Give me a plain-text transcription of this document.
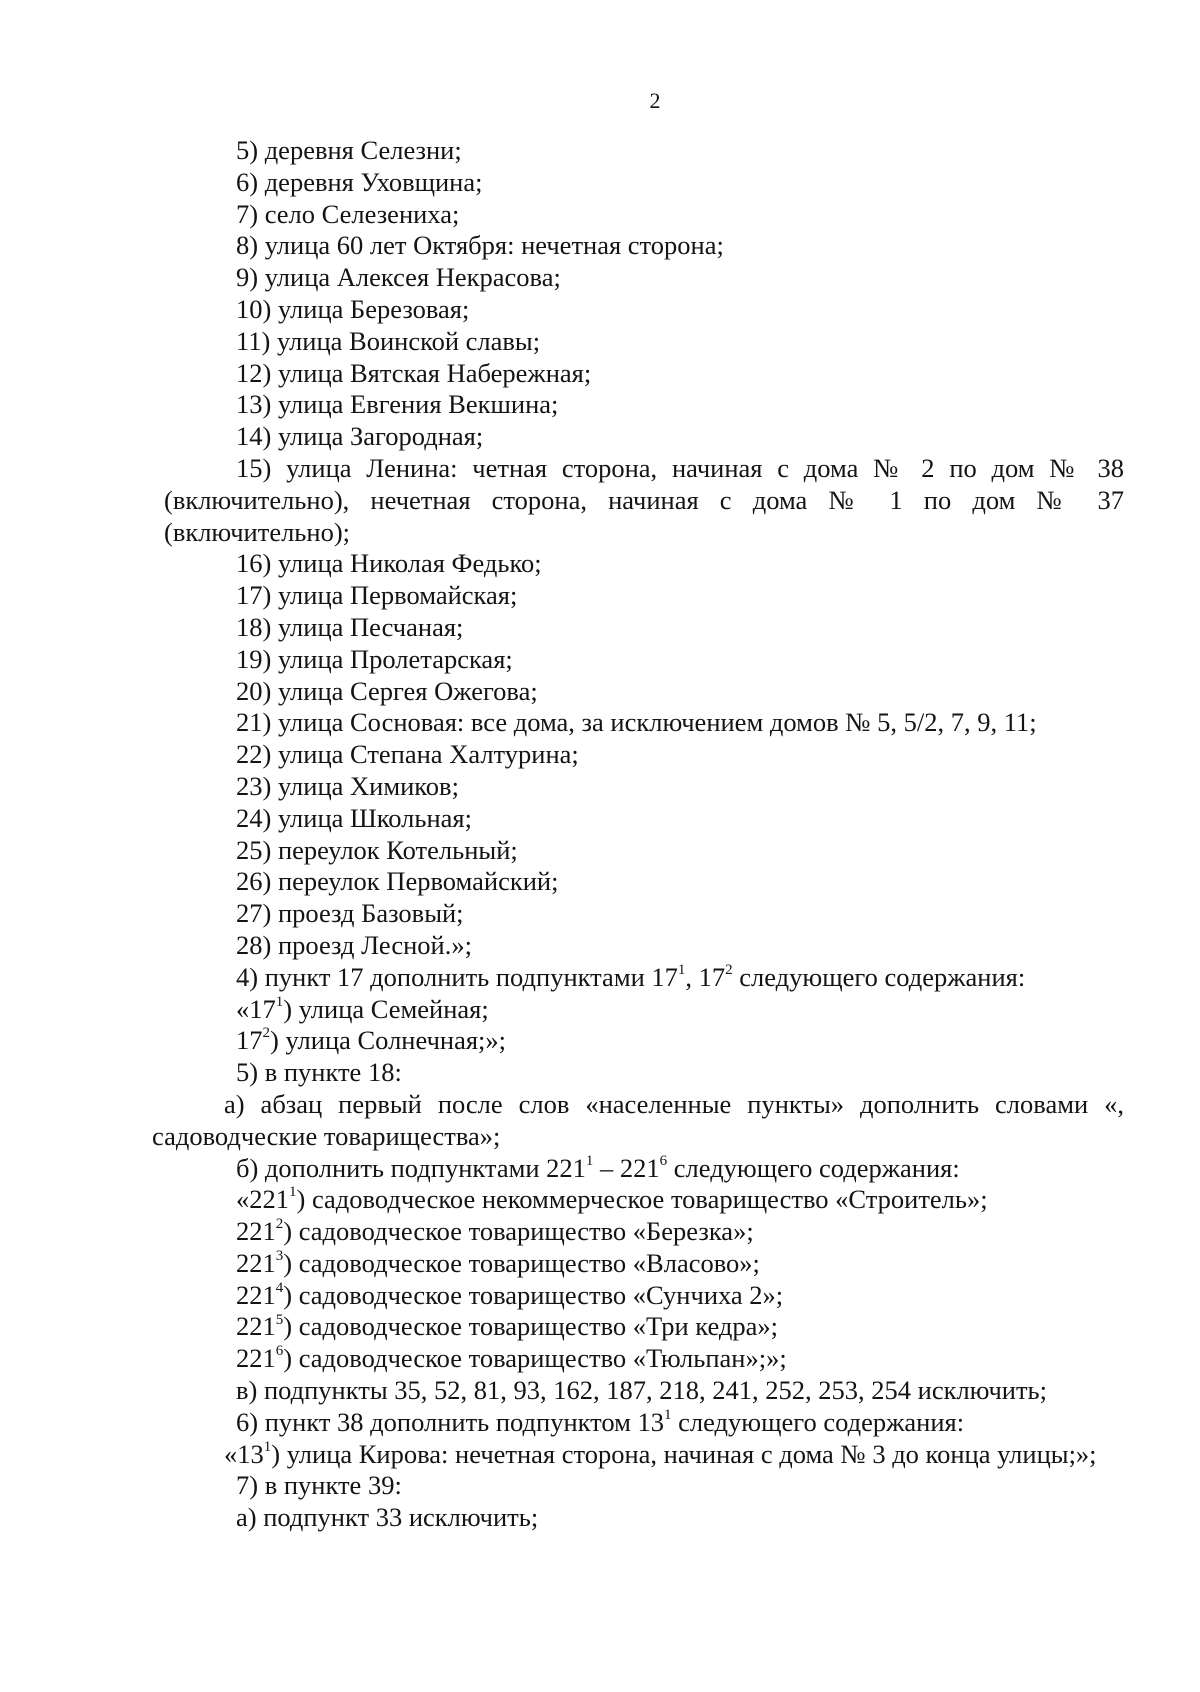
2
5) деревня Селезни;
6) деревня Уховщина;
7) село Селезениха;
8) улица 60 лет Октября: нечетная сторона;
9) улица Алексея Некрасова;
10) улица Березовая;
11) улица Воинской славы;
12) улица Вятская Набережная;
13) улица Евгения Векшина;
14) улица Загородная;

15) улица Ленина: четная сторона, начиная с дома № 2 по дом № 38 (включительно), нечетная сторона, начиная с дома № 1 по дом № 37 (включительно);

16) улица Николая Федько;
17) улица Первомайская;
18) улица Песчаная;
19) улица Пролетарская;
20) улица Сергея Ожегова;
21) улица Сосновая: все дома, за исключением домов № 5, 5/2, 7, 9, 11;
22) улица Степана Халтурина;
23) улица Химиков;
24) улица Школьная;
25) переулок Котельный;
26) переулок Первомайский;
27) проезд Базовый;
28) проезд Лесной.»;
4) пункт 17 дополнить подпунктами $17^1$, $17^2$ следующего содержания:
«$17^1$) улица Семейная;
$17^2$) улица Солнечная;»;
5) в пункте 18:

а) абзац первый после слов «населенные пункты» дополнить словами «, садоводческие товарищества»;

б) дополнить подпунктами $221^1 - 221^6$ следующего содержания:
«$221^1$) садоводческое некоммерческое товарищество «Строитель»;
$221^2$) садоводческое товарищество «Березка»;
$221^3$) садоводческое товарищество «Власово»;
$221^4$) садоводческое товарищество «Сунчиха 2»;
$221^5$) садоводческое товарищество «Три кедра»;
$221^6$) садоводческое товарищество «Тюльпан»;»;
в) подпункты 35, 52, 81, 93, 162, 187, 218, 241, 252, 253, 254 исключить;
6) пункт 38 дополнить подпунктом $13^1$ следующего содержания:

«$13^1$) улица Кирова: нечетная сторона, начиная с дома № 3 до конца улицы;»;

7) в пункте 39:
а) подпункт 33 исключить;
